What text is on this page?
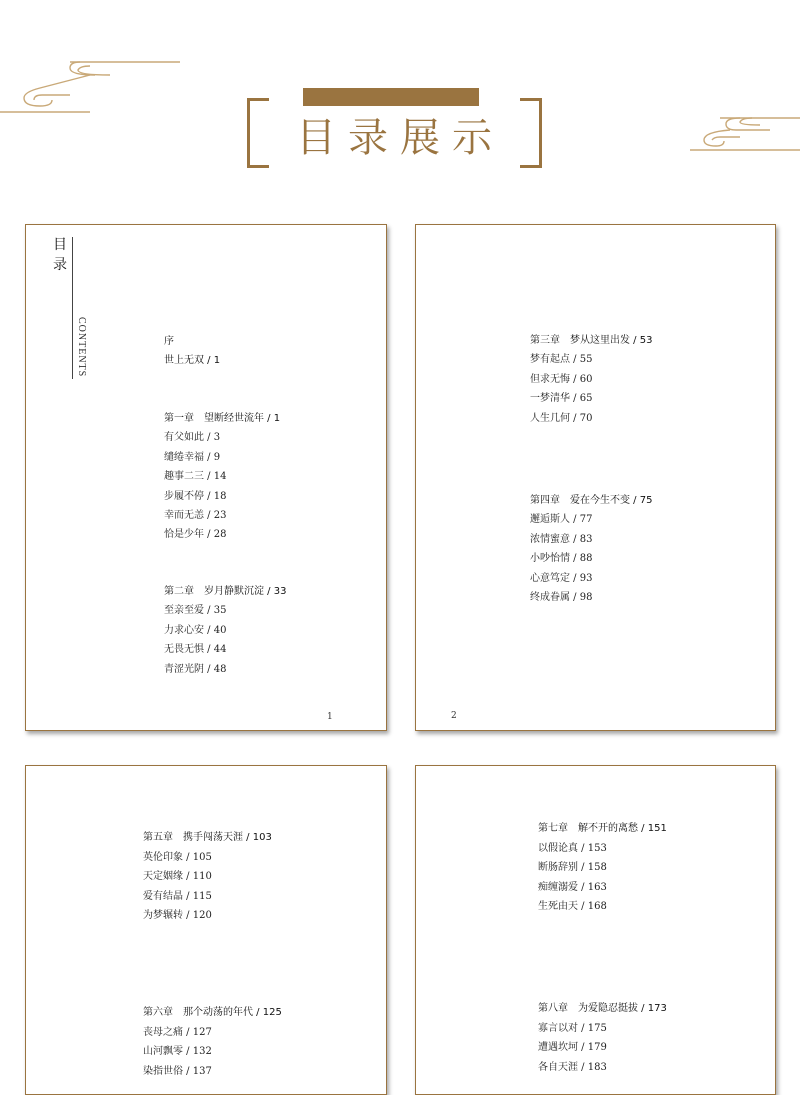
目录展示
目录
CONTENTS	序
世上无双 / 1
第一章　望断经世流年 / 1
有父如此 / 3
缱绻幸福 / 9
趣事二三 / 14
步履不停 / 18
幸而无恙 / 23
恰是少年 / 28
第二章　岁月静默沉淀 / 33
至亲至爱 / 35
力求心安 / 40
无畏无惧 / 44
青涩光阴 / 48
1
第三章　梦从这里出发 / 53
梦有起点 / 55
但求无悔 / 60
一梦清华 / 65
人生几何 / 70
第四章　爱在今生不变 / 75
邂逅斯人 / 77
浓情蜜意 / 83
小吵怡情 / 88
心意笃定 / 93
终成眷属 / 98
2
第五章　携手闯荡天涯 / 103
英伦印象 / 105
天定姻缘 / 110
爱有结晶 / 115
为梦辗转 / 120
第六章　那个动荡的年代 / 125
丧母之痛 / 127
山河飘零 / 132
染指世俗 / 137
第七章　解不开的离愁 / 151
以假论真 / 153
断肠辞别 / 158
痴缠溺爱 / 163
生死由天 / 168
第八章　为爱隐忍挺拔 / 173
寡言以对 / 175
遭遇坎坷 / 179
各自天涯 / 183
